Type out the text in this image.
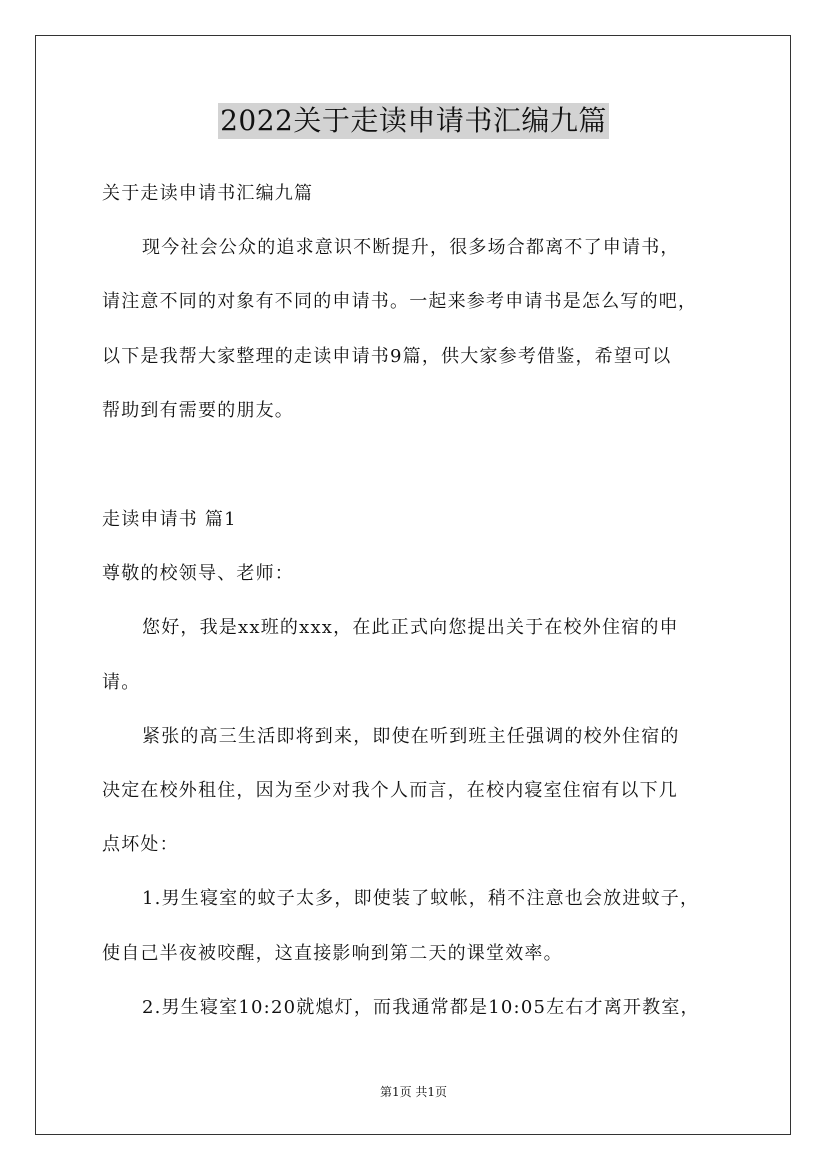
2022关于走读申请书汇编九篇
关于走读申请书汇编九篇
现今社会公众的追求意识不断提升，很多场合都离不了申请书，
请注意不同的对象有不同的申请书。一起来参考申请书是怎么写的吧，
以下是我帮大家整理的走读申请书9篇，供大家参考借鉴，希望可以
帮助到有需要的朋友。
走读申请书 篇1
尊敬的校领导、老师：
您好，我是xx班的xxx，在此正式向您提出关于在校外住宿的申
请。
紧张的高三生活即将到来，即使在听到班主任强调的校外住宿的
决定在校外租住，因为至少对我个人而言，在校内寝室住宿有以下几
点坏处：
1.男生寝室的蚊子太多，即使装了蚊帐，稍不注意也会放进蚊子，
使自己半夜被咬醒，这直接影响到第二天的课堂效率。
2.男生寝室10:20就熄灯，而我通常都是10:05左右才离开教室，
第1页 共1页
